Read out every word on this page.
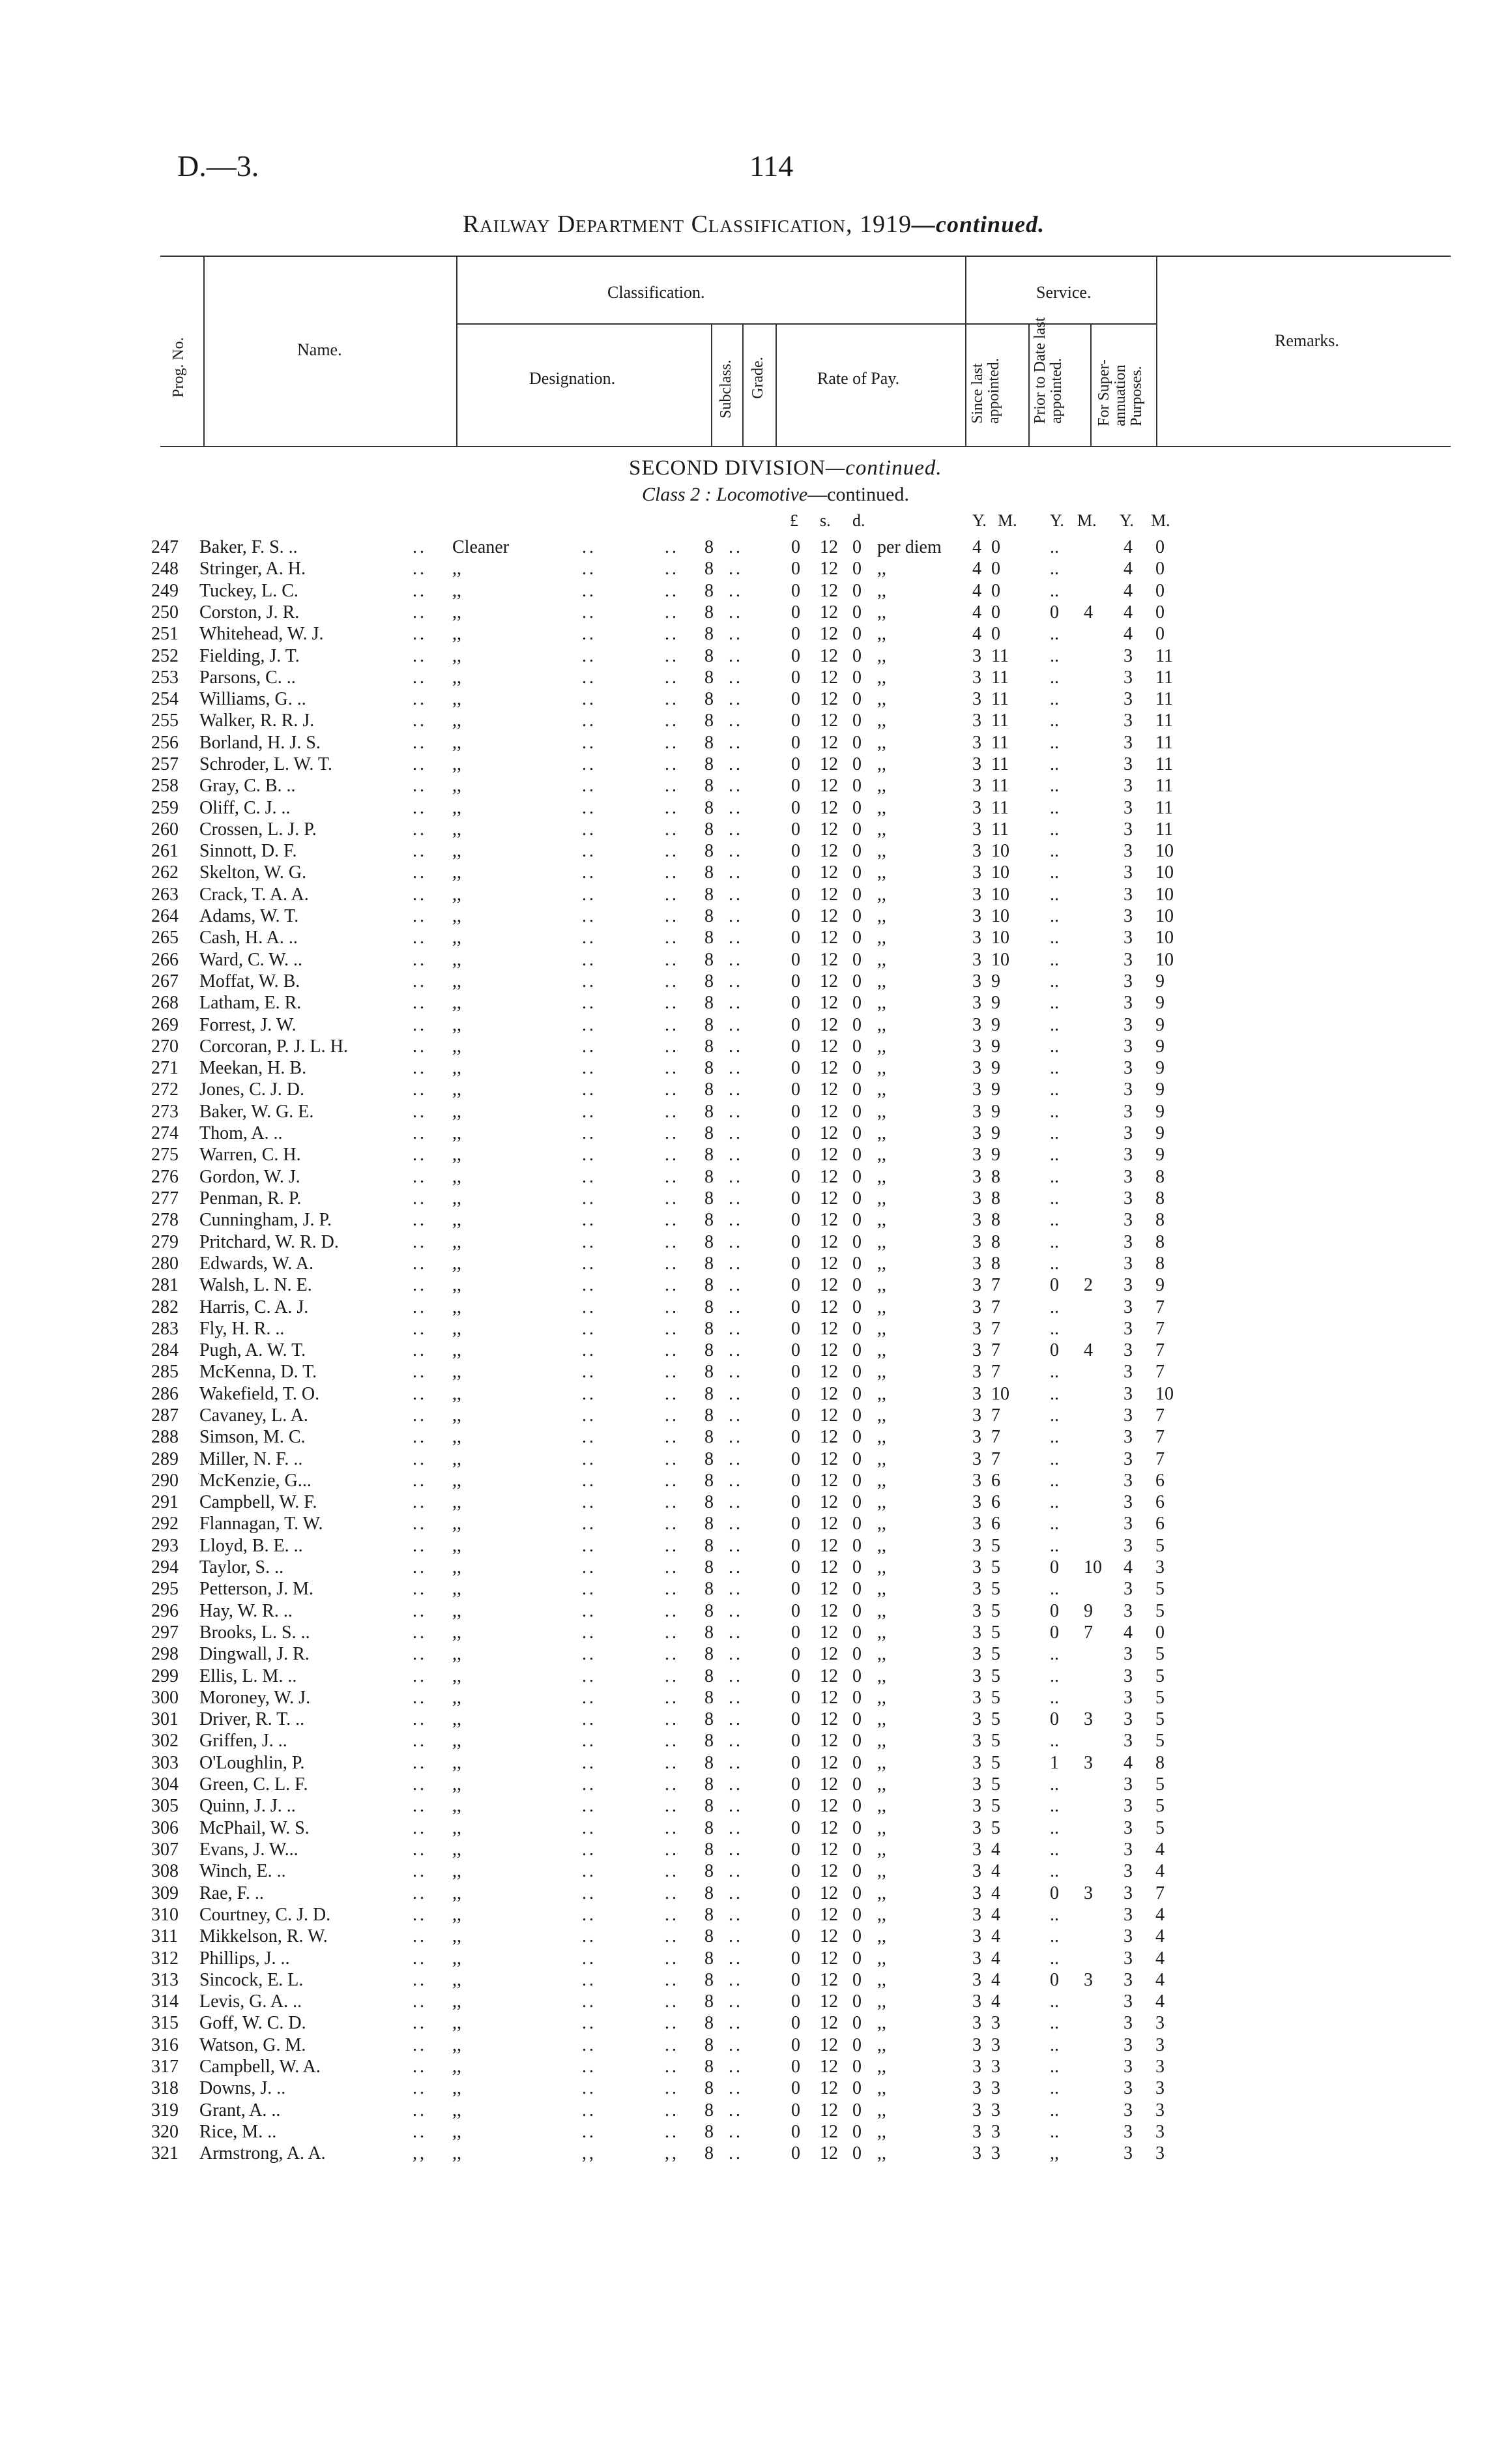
D.—3.	114
Railway Department Classification, 1919—continued.
Prog. No.	Name.
Classification.
Designation.	Subclass. Grade.	Rate of Pay.
Service.
Since last appointed. Prior to Date last appointed. For Super-annuation Purposes.
Remarks.
SECOND DIVISION—continued.
Class 2 : Locomotive—continued.
£ s. d.	Y. M. Y. M. Y. M.
247 Baker, F. S. ..	.. Cleaner	..	.. 8 ..	0 12 0 per diem 4 0	..	4 0
248 Stringer, A. H.	.. ,,	..	.. 8 ..	0 12 0 ,,	4 0	..	4 0
249 Tuckey, L. C.	.. ,,	..	.. 8 ..	0 12 0 ,,	4 0	..	4 0
250 Corston, J. R.	.. ,,	..	.. 8 ..	0 12 0 ,,	4 0	0 4 4 0
251 Whitehead, W. J.	.. ,,	..	.. 8 ..	0 12 0 ,,	4 0	..	4 0
252 Fielding, J. T.	.. ,,	..	.. 8 ..	0 12 0 ,,	3 11 ..	3 11
253 Parsons, C. ..	.. ,,	..	.. 8 ..	0 12 0 ,,	3 11 ..	3 11
254 Williams, G. ..	.. ,,	..	.. 8 ..	0 12 0 ,,	3 11 ..	3 11
255 Walker, R. R. J.	.. ,,	..	.. 8 ..	0 12 0 ,,	3 11 ..	3 11
256 Borland, H. J. S.	.. ,,	..	.. 8 ..	0 12 0 ,,	3 11 ..	3 11
257 Schroder, L. W. T.	.. ,,	..	.. 8 ..	0 12 0 ,,	3 11 ..	3 11
258 Gray, C. B. ..	.. ,,	..	.. 8 ..	0 12 0 ,,	3 11 ..	3 11
259 Oliff, C. J. ..	.. ,,	..	.. 8 ..	0 12 0 ,,	3 11 ..	3 11
260 Crossen, L. J. P.	.. ,,	..	.. 8 ..	0 12 0 ,,	3 11 ..	3 11
261 Sinnott, D. F.	.. ,,	..	.. 8 ..	0 12 0 ,,	3 10 ..	3 10
262 Skelton, W. G.	.. ,,	..	.. 8 ..	0 12 0 ,,	3 10 ..	3 10
263 Crack, T. A. A.	.. ,,	..	.. 8 ..	0 12 0 ,,	3 10 ..	3 10
264 Adams, W. T.	.. ,,	..	.. 8 ..	0 12 0 ,,	3 10 ..	3 10
265 Cash, H. A. ..	.. ,,	..	.. 8 ..	0 12 0 ,,	3 10 ..	3 10
266 Ward, C. W. ..	.. ,,	..	.. 8 ..	0 12 0 ,,	3 10 ..	3 10
267 Moffat, W. B.	.. ,,	..	.. 8 ..	0 12 0 ,,	3 9	..	3 9
268 Latham, E. R.	.. ,,	..	.. 8 ..	0 12 0 ,,	3 9	..	3 9
269 Forrest, J. W.	.. ,,	..	.. 8 ..	0 12 0 ,,	3 9	..	3 9
270 Corcoran, P. J. L. H.	.. ,,	..	.. 8 ..	0 12 0 ,,	3 9	..	3 9
271 Meekan, H. B.	.. ,,	..	.. 8 ..	0 12 0 ,,	3 9	..	3 9
272 Jones, C. J. D.	.. ,,	..	.. 8 ..	0 12 0 ,,	3 9	..	3 9
273 Baker, W. G. E.	.. ,,	..	.. 8 ..	0 12 0 ,,	3 9	..	3 9
274 Thom, A. ..	.. ,,	..	.. 8 ..	0 12 0 ,,	3 9	..	3 9
275 Warren, C. H.	.. ,,	..	.. 8 ..	0 12 0 ,,	3 9	..	3 9
276 Gordon, W. J.	.. ,,	..	.. 8 ..	0 12 0 ,,	3 8	..	3 8
277 Penman, R. P.	.. ,,	..	.. 8 ..	0 12 0 ,,	3 8	..	3 8
278 Cunningham, J. P.	.. ,,	..	.. 8 ..	0 12 0 ,,	3 8	..	3 8
279 Pritchard, W. R. D.	.. ,,	..	.. 8 ..	0 12 0 ,,	3 8	..	3 8
280 Edwards, W. A.	.. ,,	..	.. 8 ..	0 12 0 ,,	3 8	..	3 8
281 Walsh, L. N. E.	.. ,,	..	.. 8 ..	0 12 0 ,,	3 7	0 2 3 9
282 Harris, C. A. J.	.. ,,	..	.. 8 ..	0 12 0 ,,	3 7	..	3 7
283 Fly, H. R. ..	.. ,,	..	.. 8 ..	0 12 0 ,,	3 7	..	3 7
284 Pugh, A. W. T.	.. ,,	..	.. 8 ..	0 12 0 ,,	3 7	0 4 3 7
285 McKenna, D. T.	.. ,,	..	.. 8 ..	0 12 0 ,,	3 7	..	3 7
286 Wakefield, T. O.	.. ,,	..	.. 8 ..	0 12 0 ,,	3 10 ..	3 10
287 Cavaney, L. A.	.. ,,	..	.. 8 ..	0 12 0 ,,	3 7	..	3 7
288 Simson, M. C.	.. ,,	..	.. 8 ..	0 12 0 ,,	3 7	..	3 7
289 Miller, N. F. ..	.. ,,	..	.. 8 ..	0 12 0 ,,	3 7	..	3 7
290 McKenzie, G...	.. ,,	..	.. 8 ..	0 12 0 ,,	3 6	..	3 6
291 Campbell, W. F.	.. ,,	..	.. 8 ..	0 12 0 ,,	3 6	..	3 6
292 Flannagan, T. W.	.. ,,	..	.. 8 ..	0 12 0 ,,	3 6	..	3 6
293 Lloyd, B. E. ..	.. ,,	..	.. 8 ..	0 12 0 ,,	3 5	..	3 5
294 Taylor, S. ..	.. ,,	..	.. 8 ..	0 12 0 ,,	3 5	0 10 4 3
295 Petterson, J. M.	.. ,,	..	.. 8 ..	0 12 0 ,,	3 5	..	3 5
296 Hay, W. R. ..	.. ,,	..	.. 8 ..	0 12 0 ,,	3 5	0 9 3 5
297 Brooks, L. S. ..	.. ,,	..	.. 8 ..	0 12 0 ,,	3 5	0 7 4 0
298 Dingwall, J. R.	.. ,,	..	.. 8 ..	0 12 0 ,,	3 5	..	3 5
299 Ellis, L. M. ..	.. ,,	..	.. 8 ..	0 12 0 ,,	3 5	..	3 5
300 Moroney, W. J.	.. ,,	..	.. 8 ..	0 12 0 ,,	3 5	..	3 5
301 Driver, R. T. ..	.. ,,	..	.. 8 ..	0 12 0 ,,	3 5	0 3 3 5
302 Griffen, J. ..	.. ,,	..	.. 8 ..	0 12 0 ,,	3 5	..	3 5
303 O'Loughlin, P.	.. ,,	..	.. 8 ..	0 12 0 ,,	3 5	1 3 4 8
304 Green, C. L. F.	.. ,,	..	.. 8 ..	0 12 0 ,,	3 5	..	3 5
305 Quinn, J. J. ..	.. ,,	..	.. 8 ..	0 12 0 ,,	3 5	..	3 5
306 McPhail, W. S.	.. ,,	..	.. 8 ..	0 12 0 ,,	3 5	..	3 5
307 Evans, J. W...	.. ,,	..	.. 8 ..	0 12 0 ,,	3 4	..	3 4
308 Winch, E. ..	.. ,,	..	.. 8 ..	0 12 0 ,,	3 4	..	3 4
309 Rae, F. ..	.. ,,	..	.. 8 ..	0 12 0 ,,	3 4	0 3 3 7
310 Courtney, C. J. D.	.. ,,	..	.. 8 ..	0 12 0 ,,	3 4	..	3 4
311 Mikkelson, R. W.	.. ,,	..	.. 8 ..	0 12 0 ,,	3 4	..	3 4
312 Phillips, J. ..	.. ,,	..	.. 8 ..	0 12 0 ,,	3 4	..	3 4
313 Sincock, E. L.	.. ,,	..	.. 8 ..	0 12 0 ,,	3 4	0 3 3 4
314 Levis, G. A. ..	.. ,,	..	.. 8 ..	0 12 0 ,,	3 4	..	3 4
315 Goff, W. C. D.	.. ,,	..	.. 8 ..	0 12 0 ,,	3 3	..	3 3
316 Watson, G. M.	.. ,,	..	.. 8 ..	0 12 0 ,,	3 3	..	3 3
317 Campbell, W. A.	.. ,,	..	.. 8 ..	0 12 0 ,,	3 3	..	3 3
318 Downs, J. ..	.. ,,	..	.. 8 ..	0 12 0 ,,	3 3	..	3 3
319 Grant, A. ..	.. ,,	..	.. 8 ..	0 12 0 ,,	3 3	..	3 3
320 Rice, M. ..	.. ,,	..	.. 8 ..	0 12 0 ,,	3 3	..	3 3
321 Armstrong, A. A.	,, ,,	,,	,, 8 ..	0 12 0 ,,	3 3	,,	3 3
